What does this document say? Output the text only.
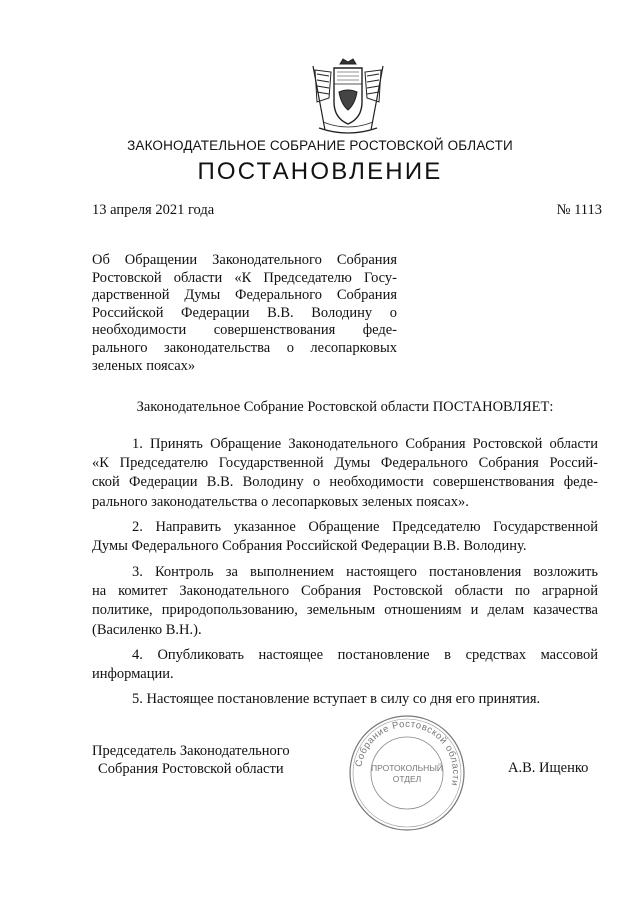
ЗАКОНОДАТЕЛЬНОЕ СОБРАНИЕ РОСТОВСКОЙ ОБЛАСТИ
ПОСТАНОВЛЕНИЕ
13 апреля 2021 года	№ 1113
Об Обращении Законодательного Собрания
Ростовской области «К Председателю Госу-
дарственной Думы Федерального Собрания
Российской Федерации В.В. Володину о
необходимости совершенствования феде-
рального законодательства о лесопарковых
зеленых поясах»
Законодательное Собрание Ростовской области ПОСТАНОВЛЯЕТ:
1. Принять Обращение Законодательного Собрания Ростовской области
«К Председателю Государственной Думы Федерального Собрания Россий-
ской Федерации В.В. Володину о необходимости совершенствования феде-
рального законодательства о лесопарковых зеленых поясах».
2. Направить указанное Обращение Председателю Государственной
Думы Федерального Собрания Российской Федерации В.В. Володину.
3. Контроль за выполнением настоящего постановления возложить
на комитет Законодательного Собрания Ростовской области по аграрной
политике, природопользованию, земельным отношениям и делам казачества
(Василенко В.Н.).
4. Опубликовать настоящее постановление в средствах массовой
информации.
5. Настоящее постановление вступает в силу со дня его принятия.
Председатель Законодательного
Собрания Ростовской области	Собрание Ростовской области
ПРОТОКОЛЬНЫЙ
ОТДЕЛ
А.В. Ищенко
